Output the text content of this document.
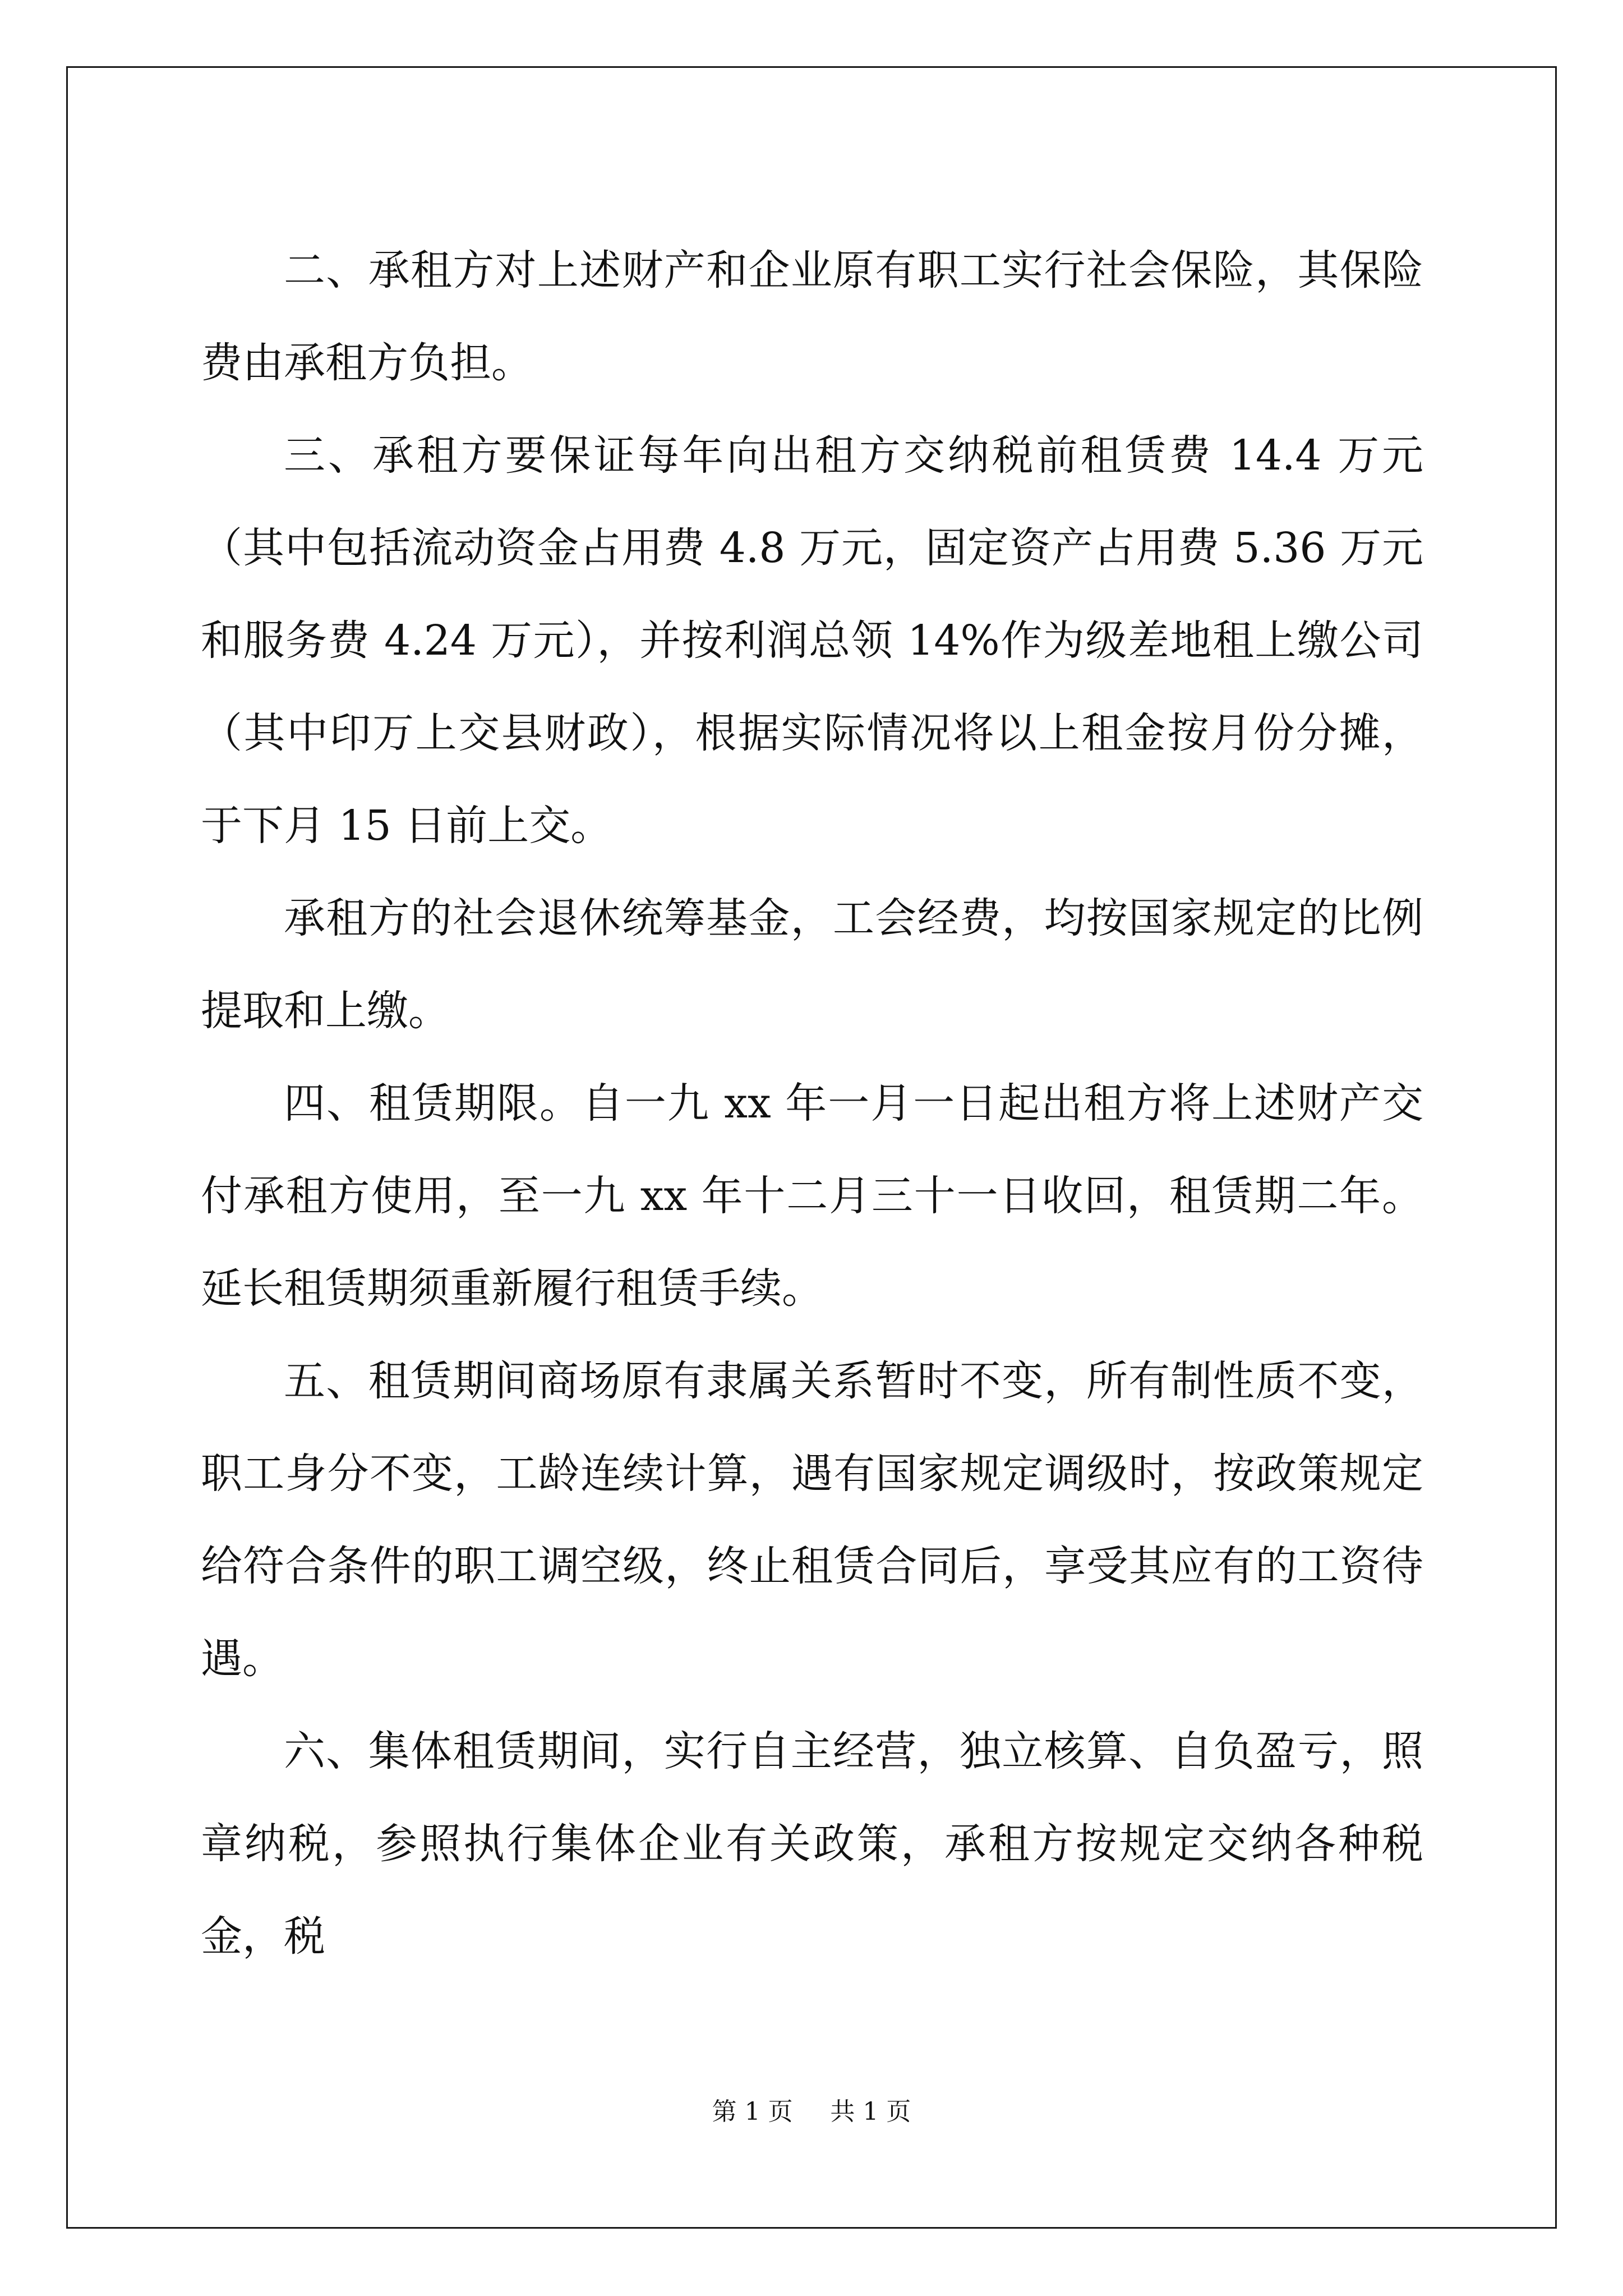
二、承租方对上述财产和企业原有职工实行社会保险，其保险费由承租方负担。

三、承租方要保证每年向出租方交纳税前租赁费 14.4 万元（其中包括流动资金占用费 4.8 万元，固定资产占用费 5.36 万元和服务费 4.24 万元），并按利润总领 14%作为级差地租上缴公司（其中印万上交县财政），根据实际情况将以上租金按月份分摊，于下月 15 日前上交。

承租方的社会退休统筹基金，工会经费，均按国家规定的比例提取和上缴。

四、租赁期限。自一九 xx 年一月一日起出租方将上述财产交付承租方使用，至一九 xx 年十二月三十一日收回，租赁期二年。延长租赁期须重新履行租赁手续。

五、租赁期间商场原有隶属关系暂时不变，所有制性质不变，职工身分不变，工龄连续计算，遇有国家规定调级时，按政策规定给符合条件的职工调空级，终止租赁合同后，享受其应有的工资待遇。

六、集体租赁期间，实行自主经营，独立核算、自负盈亏，照章纳税，参照执行集体企业有关政策，承租方按规定交纳各种税金，税

第 1 页 共 1 页
